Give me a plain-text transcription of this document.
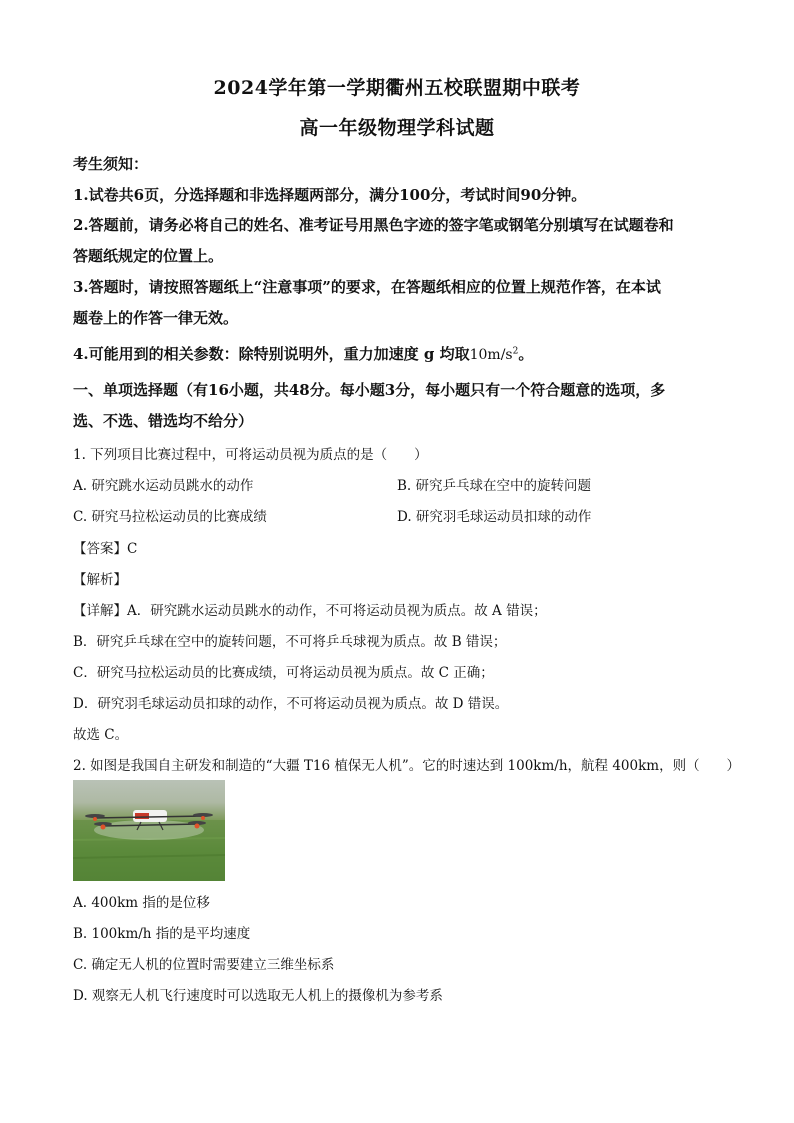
2024学年第一学期衢州五校联盟期中联考
高一年级物理学科试题
考生须知：
1.试卷共6页，分选择题和非选择题两部分，满分100分，考试时间90分钟。
2.答题前，请务必将自己的姓名、准考证号用黑色字迹的签字笔或钢笔分别填写在试题卷和
答题纸规定的位置上。
3.答题时，请按照答题纸上“注意事项”的要求，在答题纸相应的位置上规范作答，在本试
题卷上的作答一律无效。
4.可能用到的相关参数：除特别说明外，重力加速度 g 均取$10m/s^2$。
一、单项选择题（有16小题，共48分。每小题3分，每小题只有一个符合题意的选项，多
选、不选、错选均不给分）
1. 下列项目比赛过程中，可将运动员视为质点的是（　　）
A. 研究跳水运动员跳水的动作	B. 研究乒乓球在空中的旋转问题
C. 研究马拉松运动员的比赛成绩	D. 研究羽毛球运动员扣球的动作
【答案】C
【解析】
【详解】A．研究跳水运动员跳水的动作，不可将运动员视为质点。故 A 错误；
B．研究乒乓球在空中的旋转问题，不可将乒乓球视为质点。故 B 错误；
C．研究马拉松运动员的比赛成绩，可将运动员视为质点。故 C 正确；
D．研究羽毛球运动员扣球的动作，不可将运动员视为质点。故 D 错误。
故选 C。
2. 如图是我国自主研发和制造的“大疆 T16 植保无人机”。它的时速达到 100km/h，航程 400km，则（　　）
A. 400km 指的是位移
B. 100km/h 指的是平均速度
C. 确定无人机的位置时需要建立三维坐标系
D. 观察无人机飞行速度时可以选取无人机上的摄像机为参考系
